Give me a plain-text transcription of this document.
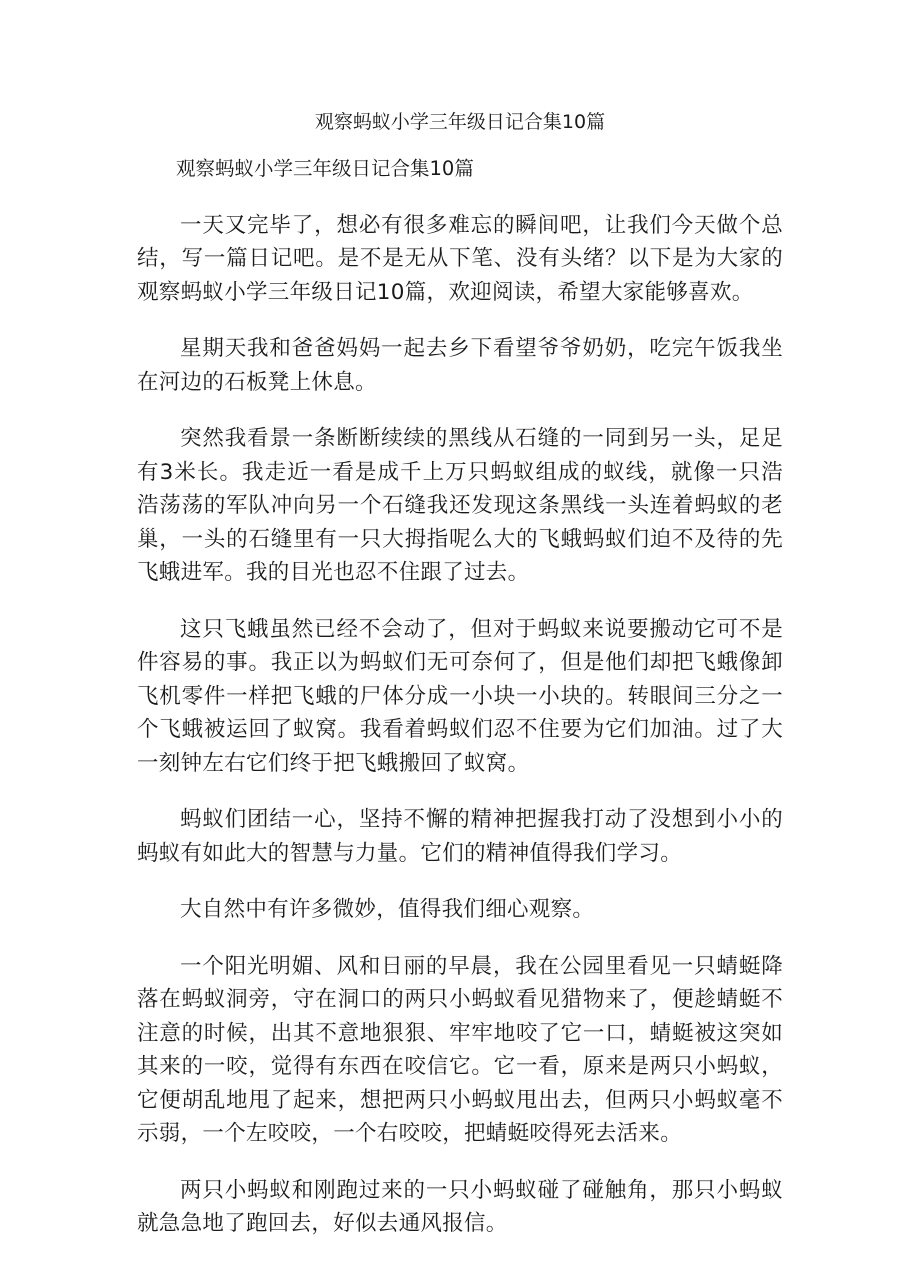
观察蚂蚁小学三年级日记合集10篇

观察蚂蚁小学三年级日记合集10篇

一天又完毕了，想必有很多难忘的瞬间吧，让我们今天做个总结，写一篇日记吧。是不是无从下笔、没有头绪？以下是为大家的观察蚂蚁小学三年级日记10篇，欢迎阅读，希望大家能够喜欢。

星期天我和爸爸妈妈一起去乡下看望爷爷奶奶，吃完午饭我坐在河边的石板凳上休息。

突然我看景一条断断续续的黑线从石缝的一同到另一头，足足有3米长。我走近一看是成千上万只蚂蚁组成的蚁线，就像一只浩浩荡荡的军队冲向另一个石缝我还发现这条黑线一头连着蚂蚁的老巢，一头的石缝里有一只大拇指呢么大的飞蛾蚂蚁们迫不及待的先飞蛾进军。我的目光也忍不住跟了过去。

这只飞蛾虽然已经不会动了，但对于蚂蚁来说要搬动它可不是件容易的事。我正以为蚂蚁们无可奈何了，但是他们却把飞蛾像卸飞机零件一样把飞蛾的尸体分成一小块一小块的。转眼间三分之一个飞蛾被运回了蚁窝。我看着蚂蚁们忍不住要为它们加油。过了大一刻钟左右它们终于把飞蛾搬回了蚁窝。

蚂蚁们团结一心，坚持不懈的精神把握我打动了没想到小小的蚂蚁有如此大的智慧与力量。它们的精神值得我们学习。

大自然中有许多微妙，值得我们细心观察。

一个阳光明媚、风和日丽的早晨，我在公园里看见一只蜻蜓降落在蚂蚁洞旁，守在洞口的两只小蚂蚁看见猎物来了，便趁蜻蜓不注意的时候，出其不意地狠狠、牢牢地咬了它一口，蜻蜓被这突如其来的一咬，觉得有东西在咬信它。它一看，原来是两只小蚂蚁，它便胡乱地甩了起来，想把两只小蚂蚁甩出去，但两只小蚂蚁毫不示弱，一个左咬咬，一个右咬咬，把蜻蜓咬得死去活来。

两只小蚂蚁和刚跑过来的一只小蚂蚁碰了碰触角，那只小蚂蚁就急急地了跑回去，好似去通风报信。
